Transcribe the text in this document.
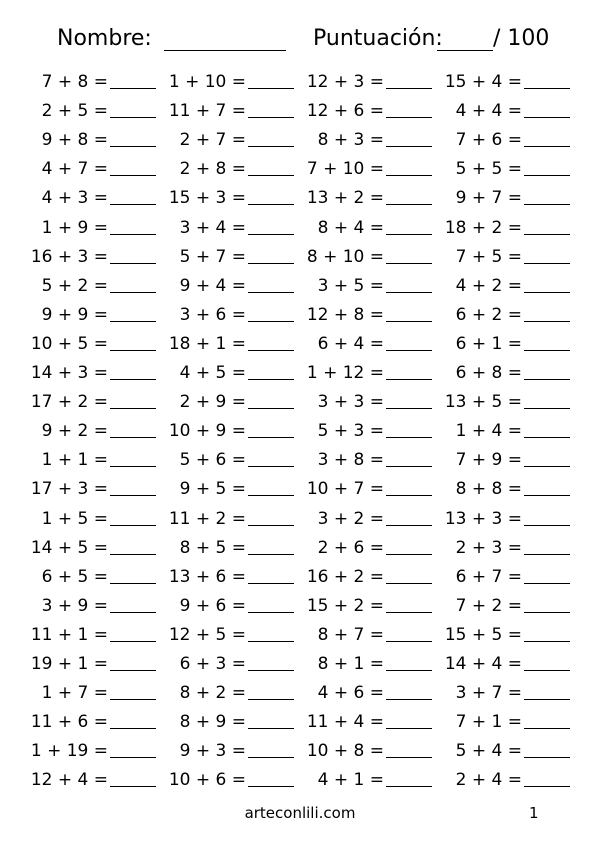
Nombre:	Puntuación: / 100
7 + 8 =	1 + 10 =	12 + 3 =	15 + 4 =
2 + 5 =	11 + 7 =	12 + 6 =	4 + 4 =
9 + 8 =	2 + 7 =	8 + 3 =	7 + 6 =
4 + 7 =	2 + 8 =	7 + 10 =	5 + 5 =
4 + 3 =	15 + 3 =	13 + 2 =	9 + 7 =
1 + 9 =	3 + 4 =	8 + 4 =	18 + 2 =
16 + 3 =	5 + 7 =	8 + 10 =	7 + 5 =
5 + 2 =	9 + 4 =	3 + 5 =	4 + 2 =
9 + 9 =	3 + 6 =	12 + 8 =	6 + 2 =
10 + 5 =	18 + 1 =	6 + 4 =	6 + 1 =
14 + 3 =	4 + 5 =	1 + 12 =	6 + 8 =
17 + 2 =	2 + 9 =	3 + 3 =	13 + 5 =
9 + 2 =	10 + 9 =	5 + 3 =	1 + 4 =
1 + 1 =	5 + 6 =	3 + 8 =	7 + 9 =
17 + 3 =	9 + 5 =	10 + 7 =	8 + 8 =
1 + 5 =	11 + 2 =	3 + 2 =	13 + 3 =
14 + 5 =	8 + 5 =	2 + 6 =	2 + 3 =
6 + 5 =	13 + 6 =	16 + 2 =	6 + 7 =
3 + 9 =	9 + 6 =	15 + 2 =	7 + 2 =
11 + 1 =	12 + 5 =	8 + 7 =	15 + 5 =
19 + 1 =	6 + 3 =	8 + 1 =	14 + 4 =
1 + 7 =	8 + 2 =	4 + 6 =	3 + 7 =
11 + 6 =	8 + 9 =	11 + 4 =	7 + 1 =
1 + 19 =	9 + 3 =	10 + 8 =	5 + 4 =
12 + 4 =	10 + 6 =	4 + 1 =	2 + 4 =
arteconlili.com	1
